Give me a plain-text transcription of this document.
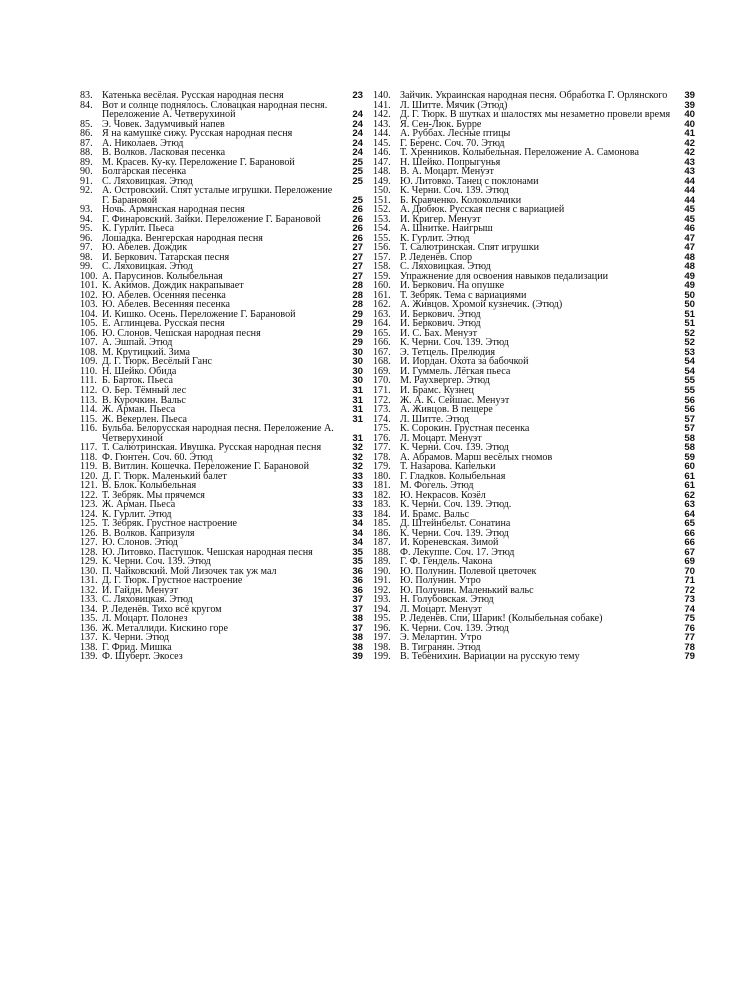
83. Катенька весёлая. Русская народная песня	23
84. Вот и солнце поднялось. Словацкая народная песня. Переложение А. Четверухиной	24
85. Э. Човек. Задумчивый напев	24
86. Я на камушке сижу. Русская народная песня	24
87. А. Николаев. Этюд	24
88. В. Волков. Ласковая песенка	24
89. М. Красев. Ку-ку. Переложение Г. Барановой	25
90. Болгарская песенка	25
91. С. Ляховицкая. Этюд	25
92. А. Островский. Спят усталые игрушки. Переложение Г. Барановой	25
93. Ночь. Армянская народная песня	26
94. Г. Финаровский. Зайки. Переложение Г. Барановой	26
95. К. Гурлит. Пьеса	26
96. Лошадка. Венгерская народная песня	26
97. Ю. Абелев. Дождик	27
98. И. Беркович. Татарская песня	27
99. С. Ляховицкая. Этюд	27
100. А. Парусинов. Колыбельная	27
101. К. Акимов. Дождик накрапывает	28
102. Ю. Абелев. Осенняя песенка	28
103. Ю. Абелев. Весенняя песенка	28
104. И. Кишко. Осень. Переложение Г. Барановой	29
105. Е. Аглинцева. Русская песня	29
106. Ю. Слонов. Чешская народная песня	29
107. А. Эшпай. Этюд	29
108. М. Крутицкий. Зима	30
109. Д. Г. Тюрк. Весёлый Ганс	30
110. Н. Шейко. Обида	30
111. Б. Барток. Пьеса	30
112. О. Бер. Тёмный лес	31
113. В. Курочкин. Вальс	31
114. Ж. Арман. Пьеса	31
115. Ж. Векерлен. Пьеса	31
116. Бульба. Белорусская народная песня. Переложение А. Четверухиной	31
117. Т. Салютринская. Ивушка. Русская народная песня	32
118. Ф. Гюнтен. Соч. 60. Этюд	32
119. В. Витлин. Кошечка. Переложение Г. Барановой	32
120. Д. Г. Тюрк. Маленький балет	33
121. В. Блок. Колыбельная	33
122. Т. Зебряк. Мы прячемся	33
123. Ж. Арман. Пьеса	33
124. К. Гурлит. Этюд	33
125. Т. Зебряк. Грустное настроение	34
126. В. Волков. Капризуля	34
127. Ю. Слонов. Этюд	34
128. Ю. Литовко. Пастушок. Чешская народная песня	35
129. К. Черни. Соч. 139. Этюд	35
130. П. Чайковский. Мой Лизочек так уж мал	36
131. Д. Г. Тюрк. Грустное настроение	36
132. И. Гайдн. Менуэт	36
133. С. Ляховицкая. Этюд	37
134. Р. Леденёв. Тихо всё кругом	37
135. Л. Моцарт. Полонез	38
136. Ж. Металлиди. Кискино горе	37
137. К. Черни. Этюд	38
138. Г. Фрид. Мишка	38
139. Ф. Шуберт. Экосез	39
140. Зайчик. Украинская народная песня. Обработка Г. Орлянского	39
141. Л. Шитте. Мячик (Этюд)	39
142. Д. Г. Тюрк. В шутках и шалостях мы незаметно провели время 40
143. Я. Сен-Люк. Бурре	40
144. А. Руббах. Лесные птицы	41
145. Г. Беренс. Соч. 70. Этюд	42
146. Т. Хренников. Колыбельная. Переложение А. Самонова	42
147. Н. Шейко. Попрыгунья	43
148. В. А. Моцарт. Менуэт	43
149. Ю. Литовко. Танец с поклонами	44
150. К. Черни. Соч. 139. Этюд	44
151. Б. Кравченко. Колокольчики	44
152. А. Дюбюк. Русская песня с вариацией	45
153. И. Кригер. Менуэт	45
154. А. Шнитке. Наигрыш	46
155. К. Гурлит. Этюд	47
156. Т. Салютринская. Спят игрушки	47
157. Р. Леденёв. Спор	48
158. С. Ляховицкая. Этюд	48
159. Упражнение для освоения навыков педализации	49
160. И. Беркович. На опушке	49
161. Т. Зебряк. Тема с вариациями	50
162. А. Живцов. Хромой кузнечик. (Этюд)	50
163. И. Беркович. Этюд	51
164. И. Беркович. Этюд	51
165. И. С. Бах. Менуэт	52
166. К. Черни. Соч. 139. Этюд	52
167. Э. Тетцель. Прелюдия	53
168. И. Иордан. Охота за бабочкой	54
169. И. Гуммель. Лёгкая пьеса	54
170. М. Раухвергер. Этюд	55
171. И. Брамс. Кузнец	55
172. Ж. А. К. Сейшас. Менуэт	56
173. А. Живцов. В пещере	56
174. Л. Шитте. Этюд	57
175. К. Сорокин. Грустная песенка	57
176. Л. Моцарт. Менуэт	58
177. К. Черни. Соч. 139. Этюд	58
178. А. Абрамов. Марш весёлых гномов	59
179. Т. Назарова. Капельки	60
180. Г. Гладков. Колыбельная	61
181. М. Фогель. Этюд	61
182. Ю. Некрасов. Козёл	62
183. К. Черни. Соч. 139. Этюд.	63
184. И. Брамс. Вальс	64
185. Д. Штейнбельт. Сонатина	65
186. К. Черни. Соч. 139. Этюд	66
187. И. Кореневская. Зимой	66
188. Ф. Лекуппе. Соч. 17. Этюд	67
189. Г. Ф. Гендель. Чакона	69
190. Ю. Полунин. Полевой цветочек	70
191. Ю. Полунин. Утро	71
192. Ю. Полунин. Маленький вальс	72
193. Н. Голубовская. Этюд	73
194. Л. Моцарт. Менуэт	74
195. Р. Леденёв. Спи, Шарик! (Колыбельная собаке)	75
196. К. Черни. Соч. 139. Этюд	76
197. Э. Мелартин. Утро	77
198. В. Тигранян. Этюд	78
199. В. Тебенихин. Вариации на русскую тему	79
